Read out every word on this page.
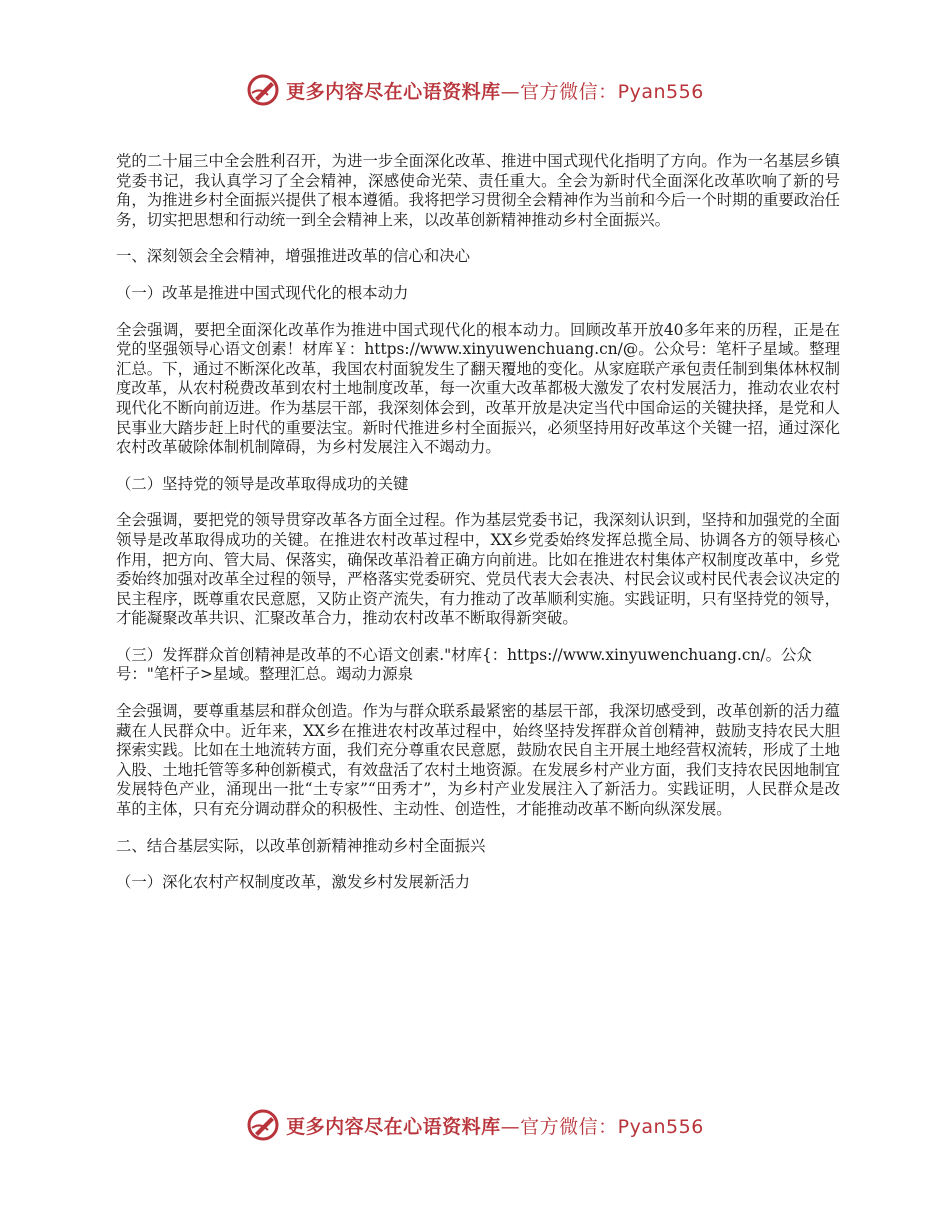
更多内容尽在心语资料库—官方微信：Pyan556

党的二十届三中全会胜利召开，为进一步全面深化改革、推进中国式现代化指明了方向。作为一名基层乡镇党委书记，我认真学习了全会精神，深感使命光荣、责任重大。全会为新时代全面深化改革吹响了新的号角，为推进乡村全面振兴提供了根本遵循。我将把学习贯彻全会精神作为当前和今后一个时期的重要政治任务，切实把思想和行动统一到全会精神上来，以改革创新精神推动乡村全面振兴。

一、深刻领会全会精神，增强推进改革的信心和决心

（一）改革是推进中国式现代化的根本动力

全会强调，要把全面深化改革作为推进中国式现代化的根本动力。回顾改革开放40多年来的历程，正是在党的坚强领导心语文创素！材库￥：https://www.xinyuwenchuang.cn/@。公众号：笔杆子星域。整理汇总。下，通过不断深化改革，我国农村面貌发生了翻天覆地的变化。从家庭联产承包责任制到集体林权制度改革，从农村税费改革到农村土地制度改革，每一次重大改革都极大激发了农村发展活力，推动农业农村现代化不断向前迈进。作为基层干部，我深刻体会到，改革开放是决定当代中国命运的关键抉择，是党和人民事业大踏步赶上时代的重要法宝。新时代推进乡村全面振兴，必须坚持用好改革这个关键一招，通过深化农村改革破除体制机制障碍，为乡村发展注入不竭动力。

（二）坚持党的领导是改革取得成功的关键

全会强调，要把党的领导贯穿改革各方面全过程。作为基层党委书记，我深刻认识到，坚持和加强党的全面领导是改革取得成功的关键。在推进农村改革过程中，XX乡党委始终发挥总揽全局、协调各方的领导核心作用，把方向、管大局、保落实，确保改革沿着正确方向前进。比如在推进农村集体产权制度改革中，乡党委始终加强对改革全过程的领导，严格落实党委研究、党员代表大会表决、村民会议或村民代表会议决定的民主程序，既尊重农民意愿，又防止资产流失，有力推动了改革顺利实施。实践证明，只有坚持党的领导，才能凝聚改革共识、汇聚改革合力，推动农村改革不断取得新突破。

（三）发挥群众首创精神是改革的不心语文创素."材库{：https://www.xinyuwenchuang.cn/。公众号："笔杆子>星域。整理汇总。竭动力源泉

全会强调，要尊重基层和群众创造。作为与群众联系最紧密的基层干部，我深切感受到，改革创新的活力蕴藏在人民群众中。近年来，XX乡在推进农村改革过程中，始终坚持发挥群众首创精神，鼓励支持农民大胆探索实践。比如在土地流转方面，我们充分尊重农民意愿，鼓励农民自主开展土地经营权流转，形成了土地入股、土地托管等多种创新模式，有效盘活了农村土地资源。在发展乡村产业方面，我们支持农民因地制宜发展特色产业，涌现出一批“土专家”“田秀才”，为乡村产业发展注入了新活力。实践证明，人民群众是改革的主体，只有充分调动群众的积极性、主动性、创造性，才能推动改革不断向纵深发展。

二、结合基层实际，以改革创新精神推动乡村全面振兴

（一）深化农村产权制度改革，激发乡村发展新活力

更多内容尽在心语资料库—官方微信：Pyan556
